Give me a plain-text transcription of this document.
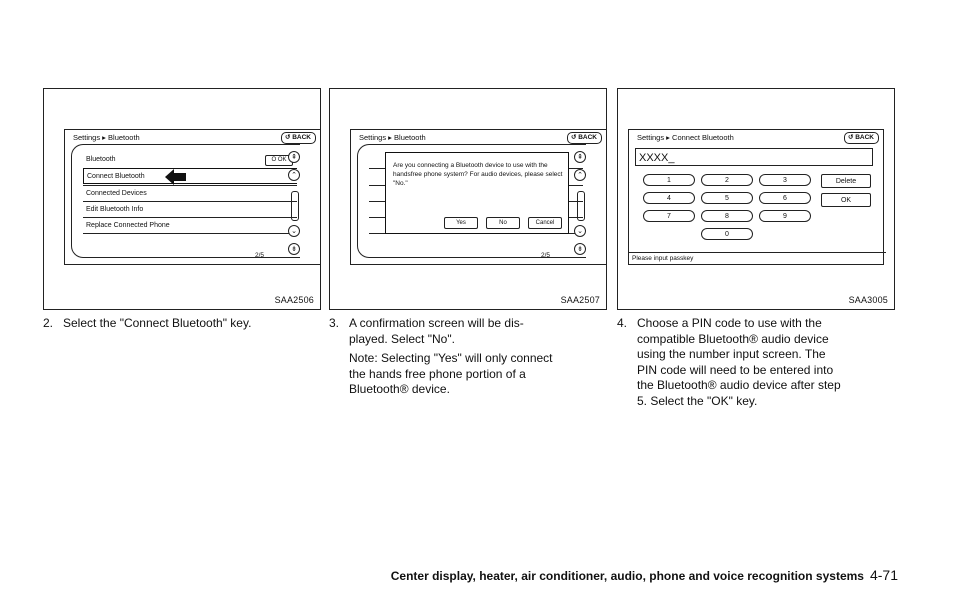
Settings ▸ Bluetooth	↺ BACK
Bluetooth	O OK
Connect Bluetooth
Connected Devices
Edit Bluetooth Info
Replace Connected Phone
2/5
⇞
⌃
⌄
⇟
SAA2506
Settings ▸ Bluetooth	↺ BACK
2/5
Are you connecting a Bluetooth device to use with the handsfree phone system? For audio devices, please select "No."
Yes	No	Cancel
⇞
⌃
⌄
⇟
SAA2507
Settings ▸ Connect Bluetooth	↺ BACK
XXXX_
1	2	3
4	5	6
7	8	9
0
Delete
OK
Please input passkey
SAA3005

2. Select the "Connect Bluetooth" key.	3. A confirmation screen will be dis-

played. Select "No".

Note: Selecting "Yes" will only connect

the hands free phone portion of a

Bluetooth® device.

4. Choose a PIN code to use with the

compatible Bluetooth® audio device

using the number input screen. The

PIN code will need to be entered into

the Bluetooth® audio device after step

5. Select the "OK" key.

Center display, heater, air conditioner, audio, phone and voice recognition systems 4-71
